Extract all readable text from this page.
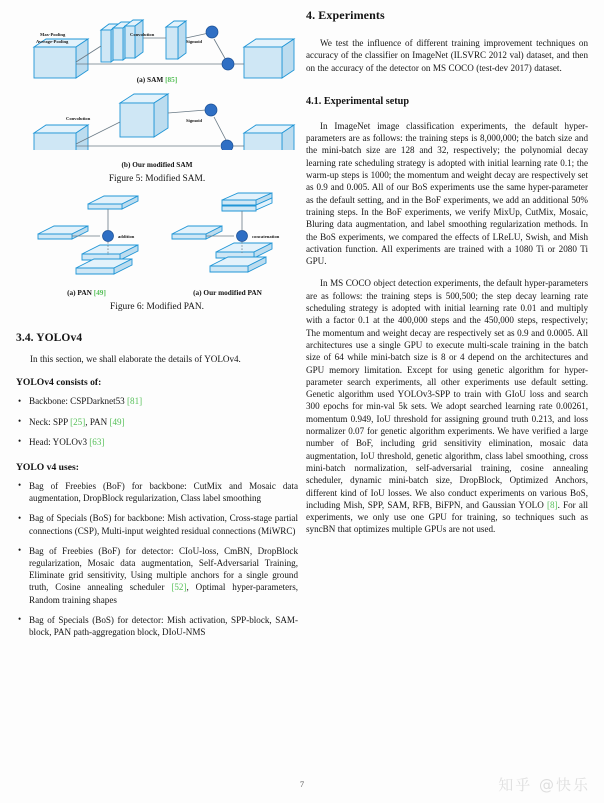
Max-Pooling
Average-Pooling
Convolution
Sigmoid
Convolution	Sigmoid
(a) SAM [85]
(b) Our modified SAM
Figure 5: Modified SAM.
addition	concatenation
(a) PAN [49]	(a) Our modified PAN
Figure 6: Modified PAN.
3.4. YOLOv4

In this section, we shall elaborate the details of YOLOv4.

YOLOv4 consists of:

• Backbone: CSPDarknet53 [81]
• Neck: SPP [25], PAN [49]
• Head: YOLOv3 [63]

YOLO v4 uses:

• Bag of Freebies (BoF) for backbone: CutMix and Mosaic data augmentation, DropBlock regularization, Class label smoothing
• Bag of Specials (BoS) for backbone: Mish activation, Cross-stage partial connections (CSP), Multi-input weighted residual connections (MiWRC)
• Bag of Freebies (BoF) for detector: CIoU-loss, CmBN, DropBlock regularization, Mosaic data augmentation, Self-Adversarial Training, Eliminate grid sensitivity, Using multiple anchors for a single ground truth, Cosine annealing scheduler [52], Optimal hyper-parameters, Random training shapes
• Bag of Specials (BoS) for detector: Mish activation, SPP-block, SAM-block, PAN path-aggregation block, DIoU-NMS
4. Experiments

We test the influence of different training improvement techniques on accuracy of the classifier on ImageNet (ILSVRC 2012 val) dataset, and then on the accuracy of the detector on MS COCO (test-dev 2017) dataset.

4.1. Experimental setup

In ImageNet image classification experiments, the default hyper-parameters are as follows: the training steps is 8,000,000; the batch size and the mini-batch size are 128 and 32, respectively; the polynomial decay learning rate scheduling strategy is adopted with initial learning rate 0.1; the warm-up steps is 1000; the momentum and weight decay are respectively set as 0.9 and 0.005. All of our BoS experiments use the same hyper-parameter as the default setting, and in the BoF experiments, we add an additional 50% training steps. In the BoF experiments, we verify MixUp, CutMix, Mosaic, Bluring data augmentation, and label smoothing regularization methods. In the BoS experiments, we compared the effects of LReLU, Swish, and Mish activation function. All experiments are trained with a 1080 Ti or 2080 Ti GPU.

In MS COCO object detection experiments, the default hyper-parameters are as follows: the training steps is 500,500; the step decay learning rate scheduling strategy is adopted with initial learning rate 0.01 and multiply with a factor 0.1 at the 400,000 steps and the 450,000 steps, respectively; The momentum and weight decay are respectively set as 0.9 and 0.0005. All architectures use a single GPU to execute multi-scale training in the batch size of 64 while mini-batch size is 8 or 4 depend on the architectures and GPU memory limitation. Except for using genetic algorithm for hyper-parameter search experiments, all other experiments use default setting. Genetic algorithm used YOLOv3-SPP to train with GIoU loss and search 300 epochs for min-val 5k sets. We adopt searched learning rate 0.00261, momentum 0.949, IoU threshold for assigning ground truth 0.213, and loss normalizer 0.07 for genetic algorithm experiments. We have verified a large number of BoF, including grid sensitivity elimination, mosaic data augmentation, IoU threshold, genetic algorithm, class label smoothing, cross mini-batch normalization, self-adversarial training, cosine annealing scheduler, dynamic mini-batch size, DropBlock, Optimized Anchors, different kind of IoU losses. We also conduct experiments on various BoS, including Mish, SPP, SAM, RFB, BiFPN, and Gaussian YOLO [8]. For all experiments, we only use one GPU for training, so techniques such as syncBN that optimizes multiple GPUs are not used.

7	知乎 @快乐
